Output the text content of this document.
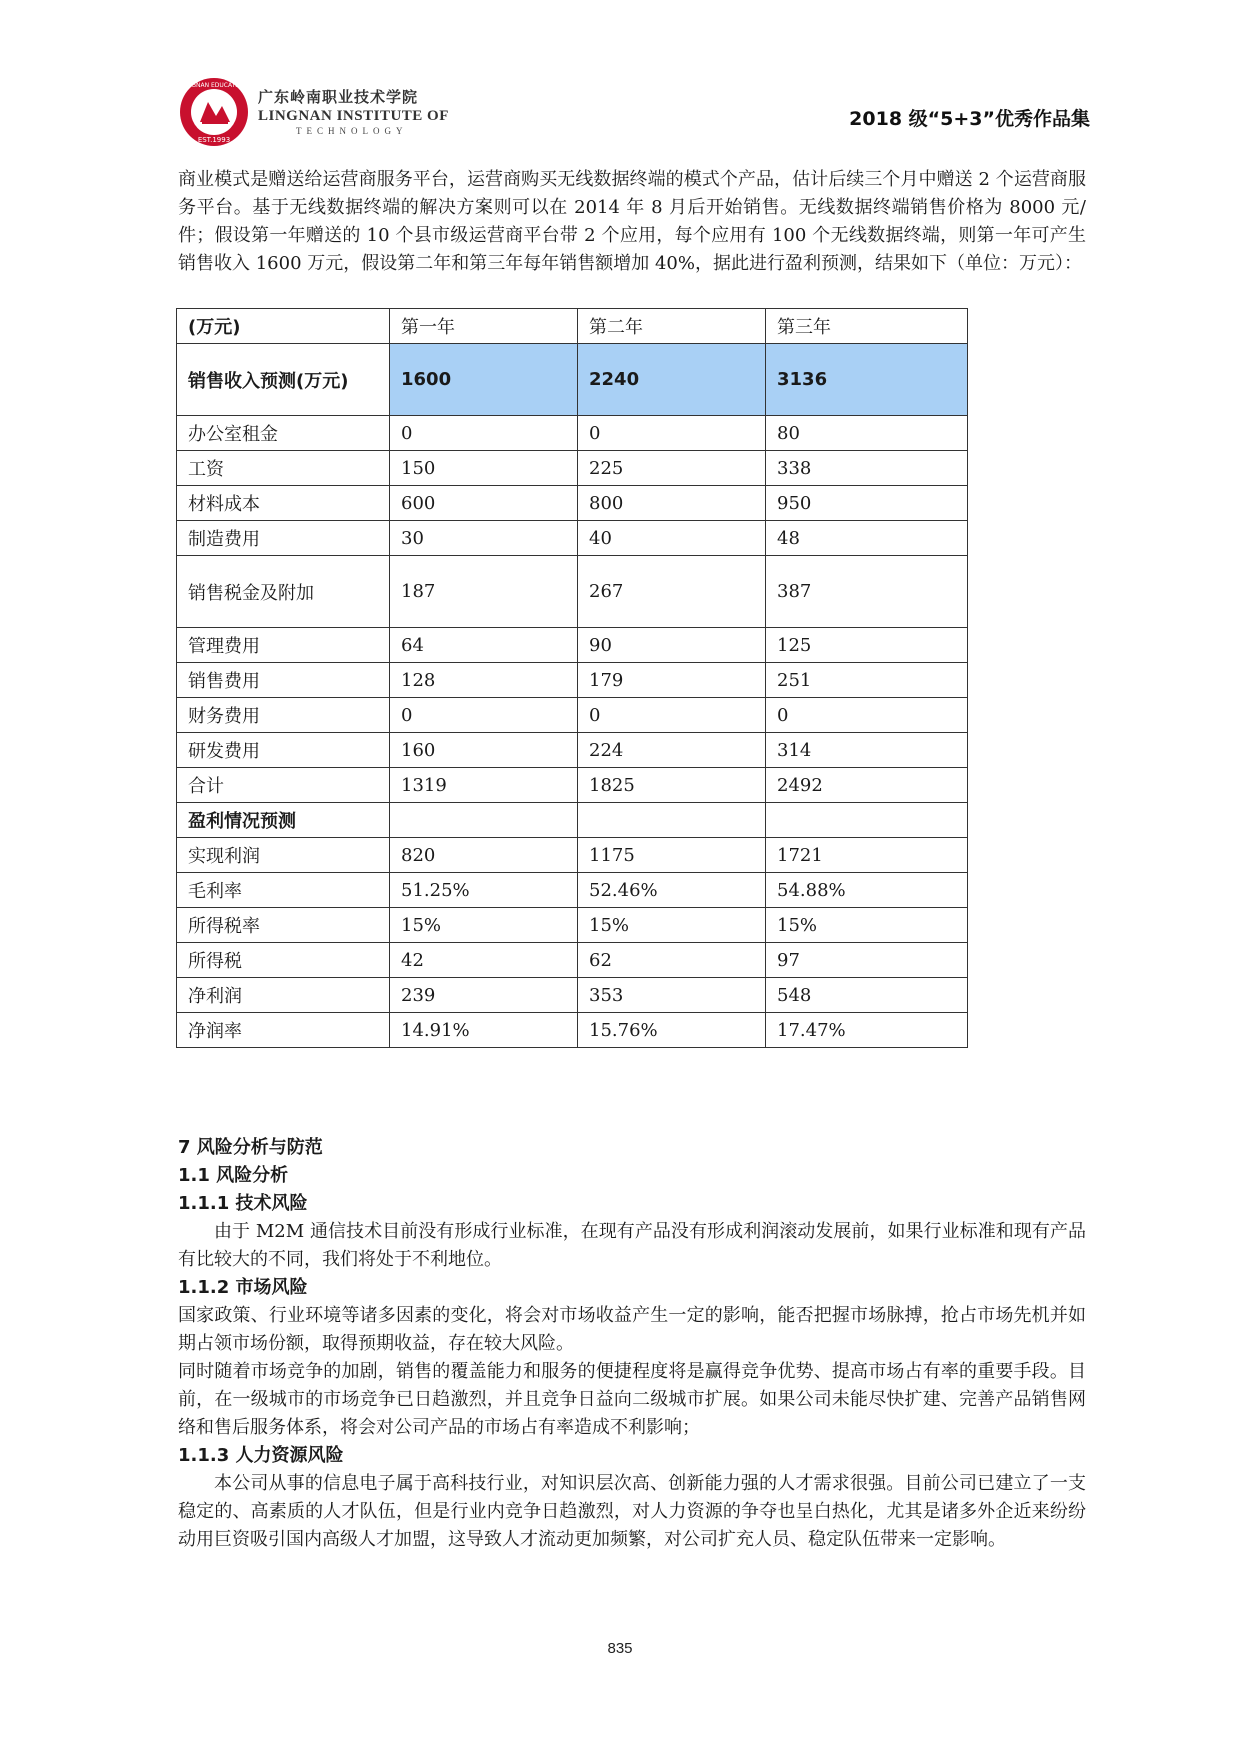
EST.1993
LINGNAN EDUCATION
广东岭南职业技术学院
LINGNAN INSTITUTE OF
TECHNOLOGY
2018 级“5+3”优秀作品集

商业模式是赠送给运营商服务平台，运营商购买无线数据终端的模式个产品，估计后续三个月中赠送 2 个运营商服务平台。基于无线数据终端的解决方案则可以在 2014 年 8 月后开始销售。无线数据终端销售价格为 8000 元/件；假设第一年赠送的 10 个县市级运营商平台带 2 个应用，每个应用有 100 个无线数据终端，则第一年可产生销售收入 1600 万元，假设第二年和第三年每年销售额增加 40%，据此进行盈利预测，结果如下（单位：万元）：

(万元)	第一年	第二年	第三年
销售收入预测(万元)	1600	2240	3136
办公室租金	0	0	80
工资	150	225	338
材料成本	600	800	950
制造费用	30	40	48
销售税金及附加	187	267	387
管理费用	64	90	125
销售费用	128	179	251
财务费用	0	0	0
研发费用	160	224	314
合计	1319	1825	2492
盈利情况预测			
实现利润	820	1175	1721
毛利率	51.25%	52.46%	54.88%
所得税率	15%	15%	15%
所得税	42	62	97
净利润	239	353	548
净润率	14.91%	15.76%	17.47%
7 风险分析与防范
1.1 风险分析
1.1.1 技术风险

由于 M2M 通信技术目前没有形成行业标准，在现有产品没有形成利润滚动发展前，如果行业标准和现有产品有比较大的不同，我们将处于不利地位。

1.1.2 市场风险

国家政策、行业环境等诸多因素的变化，将会对市场收益产生一定的影响，能否把握市场脉搏，抢占市场先机并如期占领市场份额，取得预期收益，存在较大风险。

同时随着市场竞争的加剧，销售的覆盖能力和服务的便捷程度将是赢得竞争优势、提高市场占有率的重要手段。目前，在一级城市的市场竞争已日趋激烈，并且竞争日益向二级城市扩展。如果公司未能尽快扩建、完善产品销售网络和售后服务体系，将会对公司产品的市场占有率造成不利影响；

1.1.3 人力资源风险

本公司从事的信息电子属于高科技行业，对知识层次高、创新能力强的人才需求很强。目前公司已建立了一支稳定的、高素质的人才队伍，但是行业内竞争日趋激烈，对人力资源的争夺也呈白热化，尤其是诸多外企近来纷纷动用巨资吸引国内高级人才加盟，这导致人才流动更加频繁，对公司扩充人员、稳定队伍带来一定影响。

835
